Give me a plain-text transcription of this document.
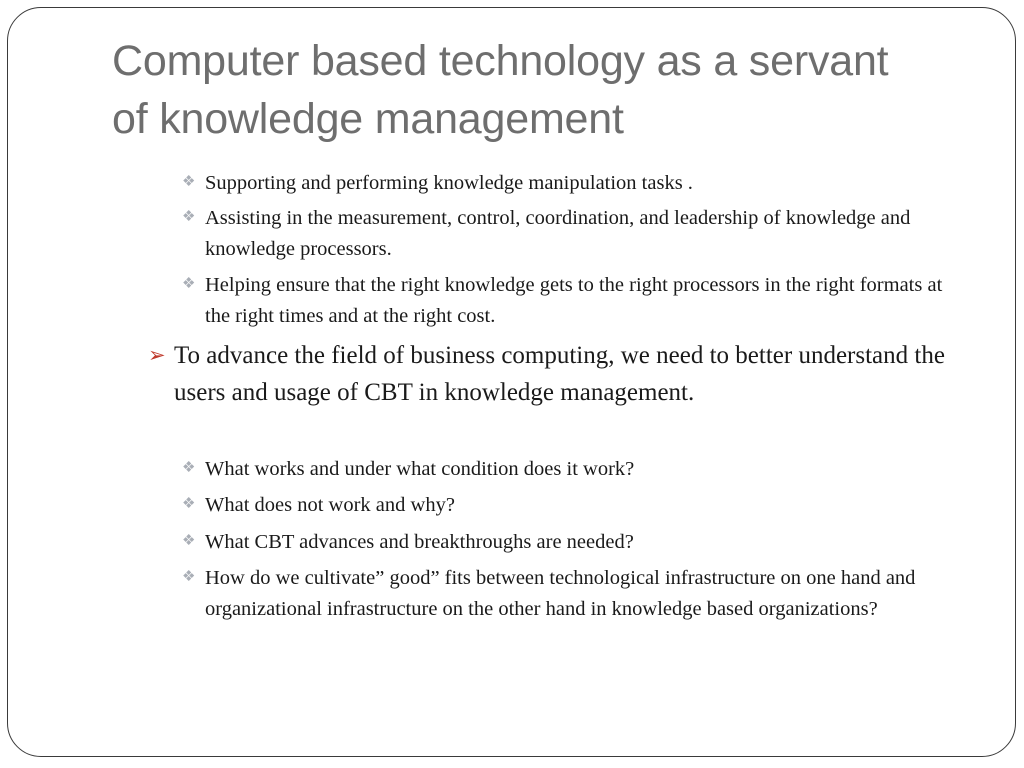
Computer based technology as a servant of knowledge management
❖ Supporting and performing knowledge manipulation tasks .
❖ Assisting in the measurement, control, coordination, and leadership of knowledge and knowledge processors.
❖ Helping ensure that the right knowledge gets to the right processors in the right formats at the right times and at the right cost.
➢ To advance the field of business computing, we need to better understand the users and usage of CBT in knowledge management.
❖ What works and under what condition does it work?
❖ What does not work and why?
❖ What CBT advances and breakthroughs are needed?
❖ How do we cultivate” good” fits between technological infrastructure on one hand and organizational infrastructure on the other hand in knowledge based organizations?
